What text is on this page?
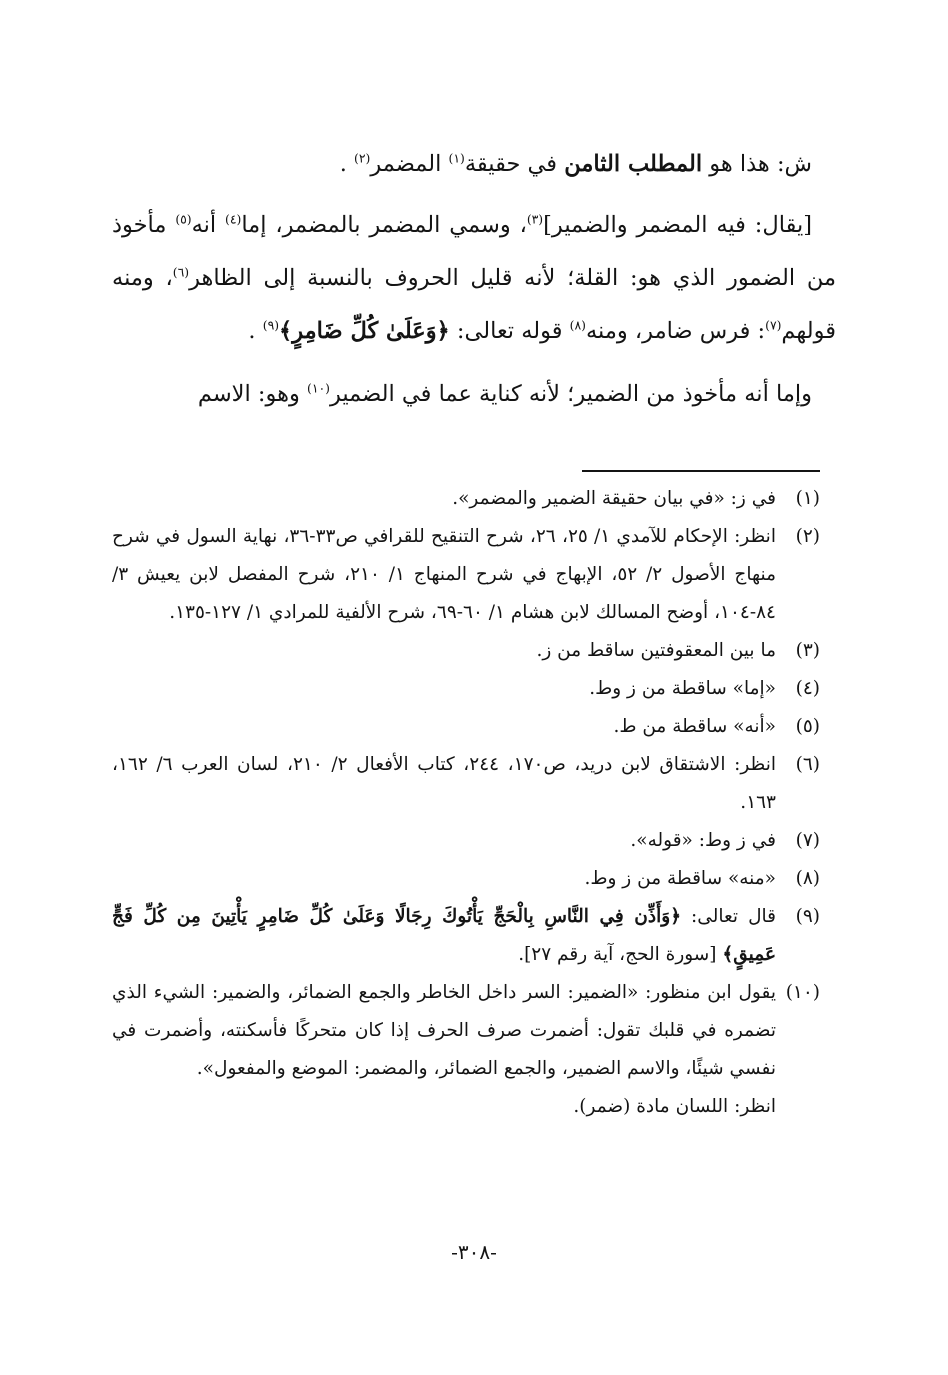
ش: هذا هو المطلب الثامن في حقيقة$^{(١)}$ المضمر$^{(٢)}$ .

[يقال: فيه المضمر والضمير]$^{(٣)}$، وسمي المضمر بالمضمر، إما$^{(٤)}$ أنه$^{(٥)}$ مأخوذ من الضمور الذي هو: القلة؛ لأنه قليل الحروف بالنسبة إلى الظاهر$^{(٦)}$، ومنه قولهم$^{(٧)}$: فرس ضامر، ومنه$^{(٨)}$ قوله تعالى: ﴿وَعَلَىٰ كُلِّ ضَامِرٍ﴾$^{(٩)}$ .

وإما أنه مأخوذ من الضمير؛ لأنه كناية عما في الضمير$^{(١٠)}$ وهو: الاسم

(١)
في ز: «في بيان حقيقة الضمير والمضمر».
(٢)
انظر: الإحكام للآمدي ١/ ٢٥، ٢٦، شرح التنقيح للقرافي ص٣٣-٣٦، نهاية السول في شرح منهاج الأصول ٢/ ٥٢، الإبهاج في شرح المنهاج ١/ ٢١٠، شرح المفصل لابن يعيش ٣/ ٨٤-١٠٤، أوضح المسالك لابن هشام ١/ ٦٠-٦٩، شرح الألفية للمرادي ١/ ١٢٧-١٣٥.
(٣)
ما بين المعقوفتين ساقط من ز.
(٤)
«إما» ساقطة من ز وط.
(٥)
«أنه» ساقطة من ط.
(٦)
انظر: الاشتقاق لابن دريد، ص١٧٠، ٢٤٤، كتاب الأفعال ٢/ ٢١٠، لسان العرب ٦/ ١٦٢، ١٦٣.
(٧)
في ز وط: «قوله».
(٨)
«منه» ساقطة من ز وط.
(٩)
قال تعالى: ﴿وَأَذِّن فِي النَّاسِ بِالْحَجِّ يَأْتُوكَ رِجَالًا وَعَلَىٰ كُلِّ ضَامِرٍ يَأْتِينَ مِن كُلِّ فَجٍّ عَمِيقٍ﴾ [سورة الحج، آية رقم ٢٧].
(١٠)
يقول ابن منظور: «الضمير: السر داخل الخاطر والجمع الضمائر، والضمير: الشيء الذي تضمره في قلبك تقول: أضمرت صرف الحرف إذا كان متحركًا فأسكنته، وأضمرت في نفسي شيئًا، والاسم الضمير، والجمع الضمائر، والمضمر: الموضع والمفعول».
انظر: اللسان مادة (ضمر).
-٣٠٨-
